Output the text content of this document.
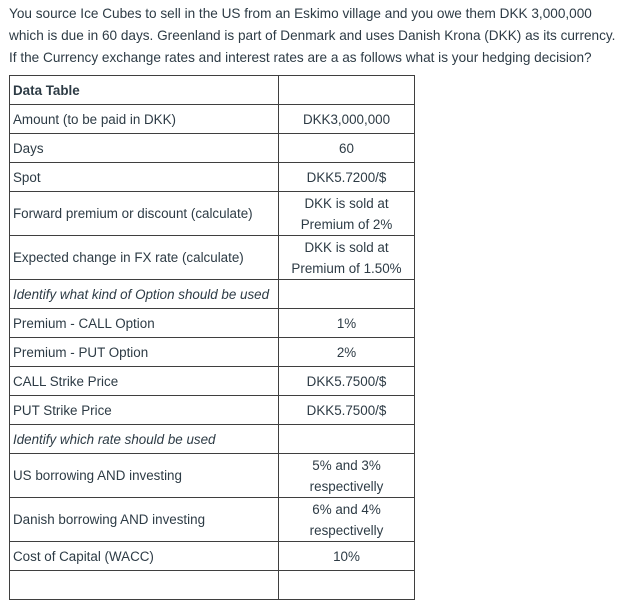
You source Ice Cubes to sell in the US from an Eskimo village and you owe them DKK 3,000,000
which is due in 60 days. Greenland is part of Denmark and uses Danish Krona (DKK) as its currency.
If the Currency exchange rates and interest rates are a as follows what is your hedging decision?
Data Table	
Amount (to be paid in DKK)	DKK3,000,000
Days	60
Spot	DKK5.7200/$
Forward premium or discount (calculate)	DKK is sold at
Premium of 2%

Expected change in FX rate (calculate)	DKK is sold at
Premium of 1.50%

Identify what kind of Option should be used	
Premium - CALL Option	1%
Premium - PUT Option	2%
CALL Strike Price	DKK5.7500/$
PUT Strike Price	DKK5.7500/$
Identify which rate should be used	
US borrowing AND investing	5% and 3%
respectivelly

Danish borrowing AND investing	6% and 4%
respectivelly

Cost of Capital (WACC)	10%
